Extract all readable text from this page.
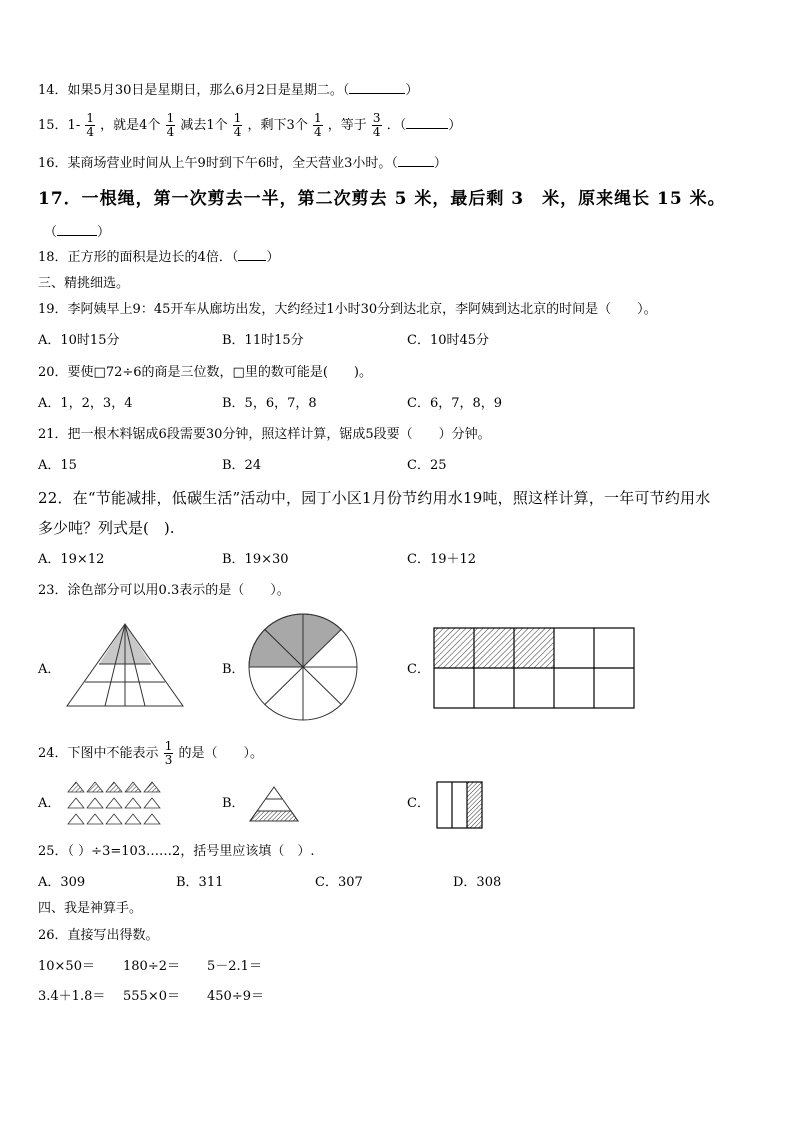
14．如果5月30日是星期日，那么6月2日是星期二。（	）
15．$1- \frac{1}{4}$ ，就是4个 $\frac{1}{4}$ 减去1个 $\frac{1}{4}$ ，剩下3个 $\frac{1}{4}$ ，等于 $\frac{3}{4}$ ．（	）
16．某商场营业时间从上午9时到下午6时，全天营业3小时。（	）
17．一根绳，第一次剪去一半，第二次剪去 5 米，最后剩 3　米，原来绳长 15 米。
（	）
18．正方形的面积是边长的4倍．（ ）
三、精挑细选。
19．李阿姨早上9：45开车从廊坊出发，大约经过1小时30分到达北京，李阿姨到达北京的时间是（　　）。
A．10时15分	B．11时15分	C．10时45分
20．要使□72÷6的商是三位数，□里的数可能是(　　)。
A．1，2，3，4	B．5，6，7，8	C．6，7，8，9
21．把一根木料锯成6段需要30分钟，照这样计算，锯成5段要（　　）分钟。
A．15	B．24	C．25
22．在“节能减排，低碳生活”活动中，园丁小区1月份节约用水19吨，照这样计算，一年可节约用水
多少吨？列式是(　).
A．19×12	B．19×30	C．19＋12
23．涂色部分可以用0.3表示的是（　　）。
A．	B．	C．
24．下图中不能表示 $\frac{1}{3}$ 的是（　　）。
A．	B．	C．
25．（ ）÷3=103……2，括号里应该填（　）.
A．309	B．311	C．307	D．308
四、我是神算手。
26．直接写出得数。
10×50＝ 180÷2＝ 5－2.1＝
3.4＋1.8＝ 555×0＝ 450÷9＝
